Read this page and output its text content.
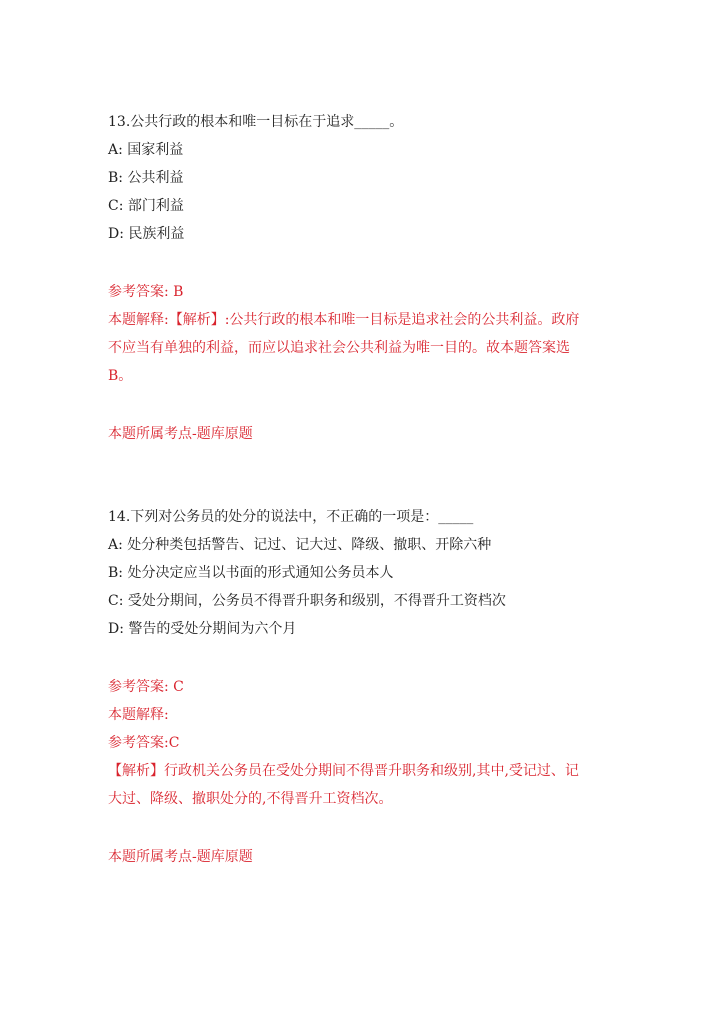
13.公共行政的根本和唯一目标在于追求_____。
A: 国家利益
B: 公共利益
C: 部门利益
D: 民族利益
参考答案: B
本题解释:【解析】:公共行政的根本和唯一目标是追求社会的公共利益。政府
不应当有单独的利益，而应以追求社会公共利益为唯一目的。故本题答案选
B。
本题所属考点-题库原题
14.下列对公务员的处分的说法中，不正确的一项是：_____
A: 处分种类包括警告、记过、记大过、降级、撤职、开除六种
B: 处分决定应当以书面的形式通知公务员本人
C: 受处分期间，公务员不得晋升职务和级别，不得晋升工资档次
D: 警告的受处分期间为六个月
参考答案: C
本题解释:
参考答案:C
【解析】行政机关公务员在受处分期间不得晋升职务和级别,其中,受记过、记
大过、降级、撤职处分的,不得晋升工资档次。
本题所属考点-题库原题
